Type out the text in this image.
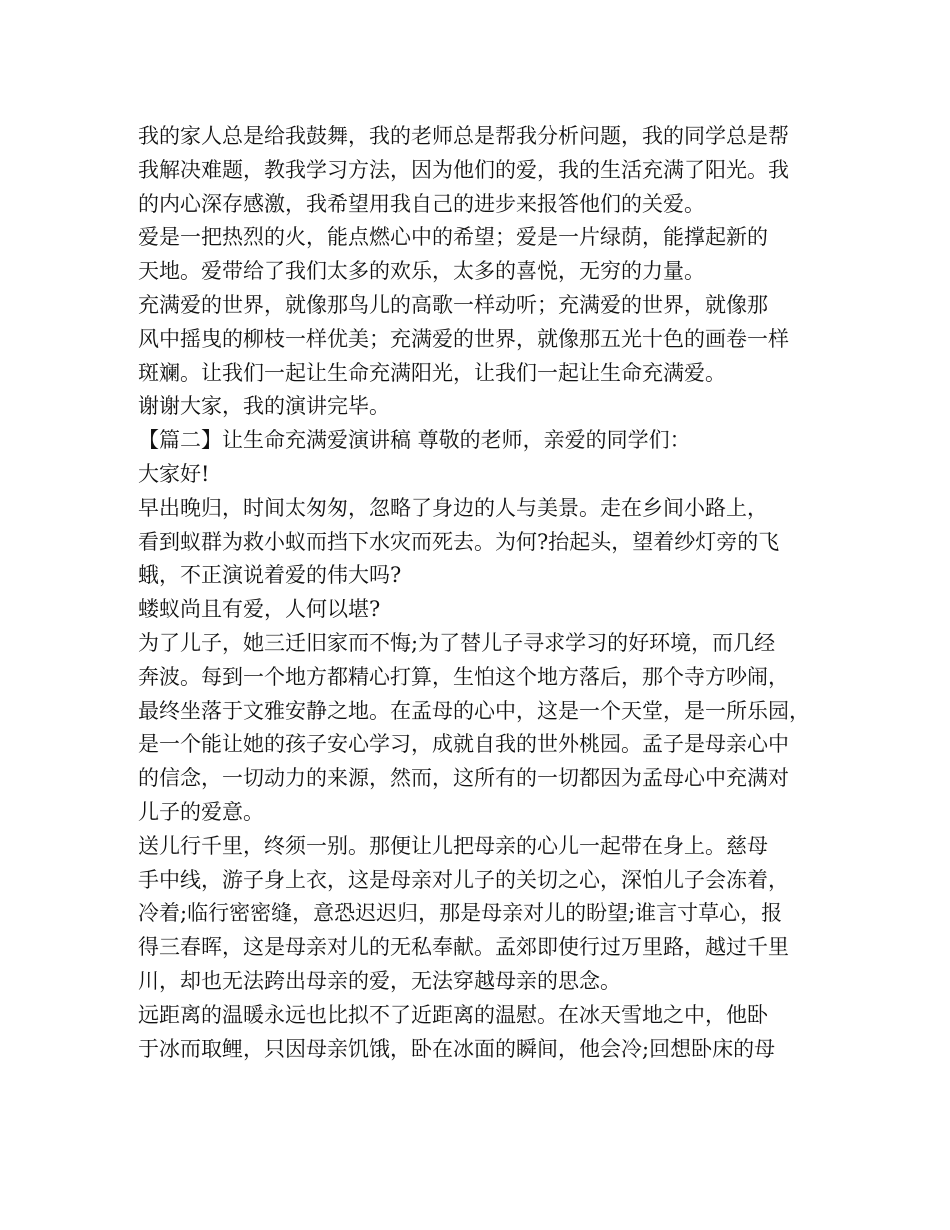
我的家人总是给我鼓舞，我的老师总是帮我分析问题，我的同学总是帮
我解决难题，教我学习方法，因为他们的爱，我的生活充满了阳光。我
的内心深存感激，我希望用我自己的进步来报答他们的关爱。
爱是一把热烈的火，能点燃心中的希望；爱是一片绿荫，能撑起新的
天地。爱带给了我们太多的欢乐，太多的喜悦，无穷的力量。
充满爱的世界，就像那鸟儿的高歌一样动听；充满爱的世界，就像那
风中摇曳的柳枝一样优美；充满爱的世界，就像那五光十色的画卷一样
斑斓。让我们一起让生命充满阳光，让我们一起让生命充满爱。
谢谢大家，我的演讲完毕。
【篇二】让生命充满爱演讲稿 尊敬的老师，亲爱的同学们：
大家好!
早出晚归，时间太匆匆，忽略了身边的人与美景。走在乡间小路上，
看到蚁群为救小蚁而挡下水灾而死去。为何?抬起头，望着纱灯旁的飞
蛾，不正演说着爱的伟大吗?
蝼蚁尚且有爱，人何以堪?
为了儿子，她三迁旧家而不悔;为了替儿子寻求学习的好环境，而几经
奔波。每到一个地方都精心打算，生怕这个地方落后，那个寺方吵闹，
最终坐落于文雅安静之地。在孟母的心中，这是一个天堂，是一所乐园，
是一个能让她的孩子安心学习，成就自我的世外桃园。孟子是母亲心中
的信念，一切动力的来源，然而，这所有的一切都因为孟母心中充满对
儿子的爱意。
送儿行千里，终须一别。那便让儿把母亲的心儿一起带在身上。慈母
手中线，游子身上衣，这是母亲对儿子的关切之心，深怕儿子会冻着，
冷着;临行密密缝，意恐迟迟归，那是母亲对儿的盼望;谁言寸草心，报
得三春晖，这是母亲对儿的无私奉献。孟郊即使行过万里路，越过千里
川，却也无法跨出母亲的爱，无法穿越母亲的思念。
远距离的温暖永远也比拟不了近距离的温慰。在冰天雪地之中，他卧
于冰而取鲤，只因母亲饥饿，卧在冰面的瞬间，他会冷;回想卧床的母
